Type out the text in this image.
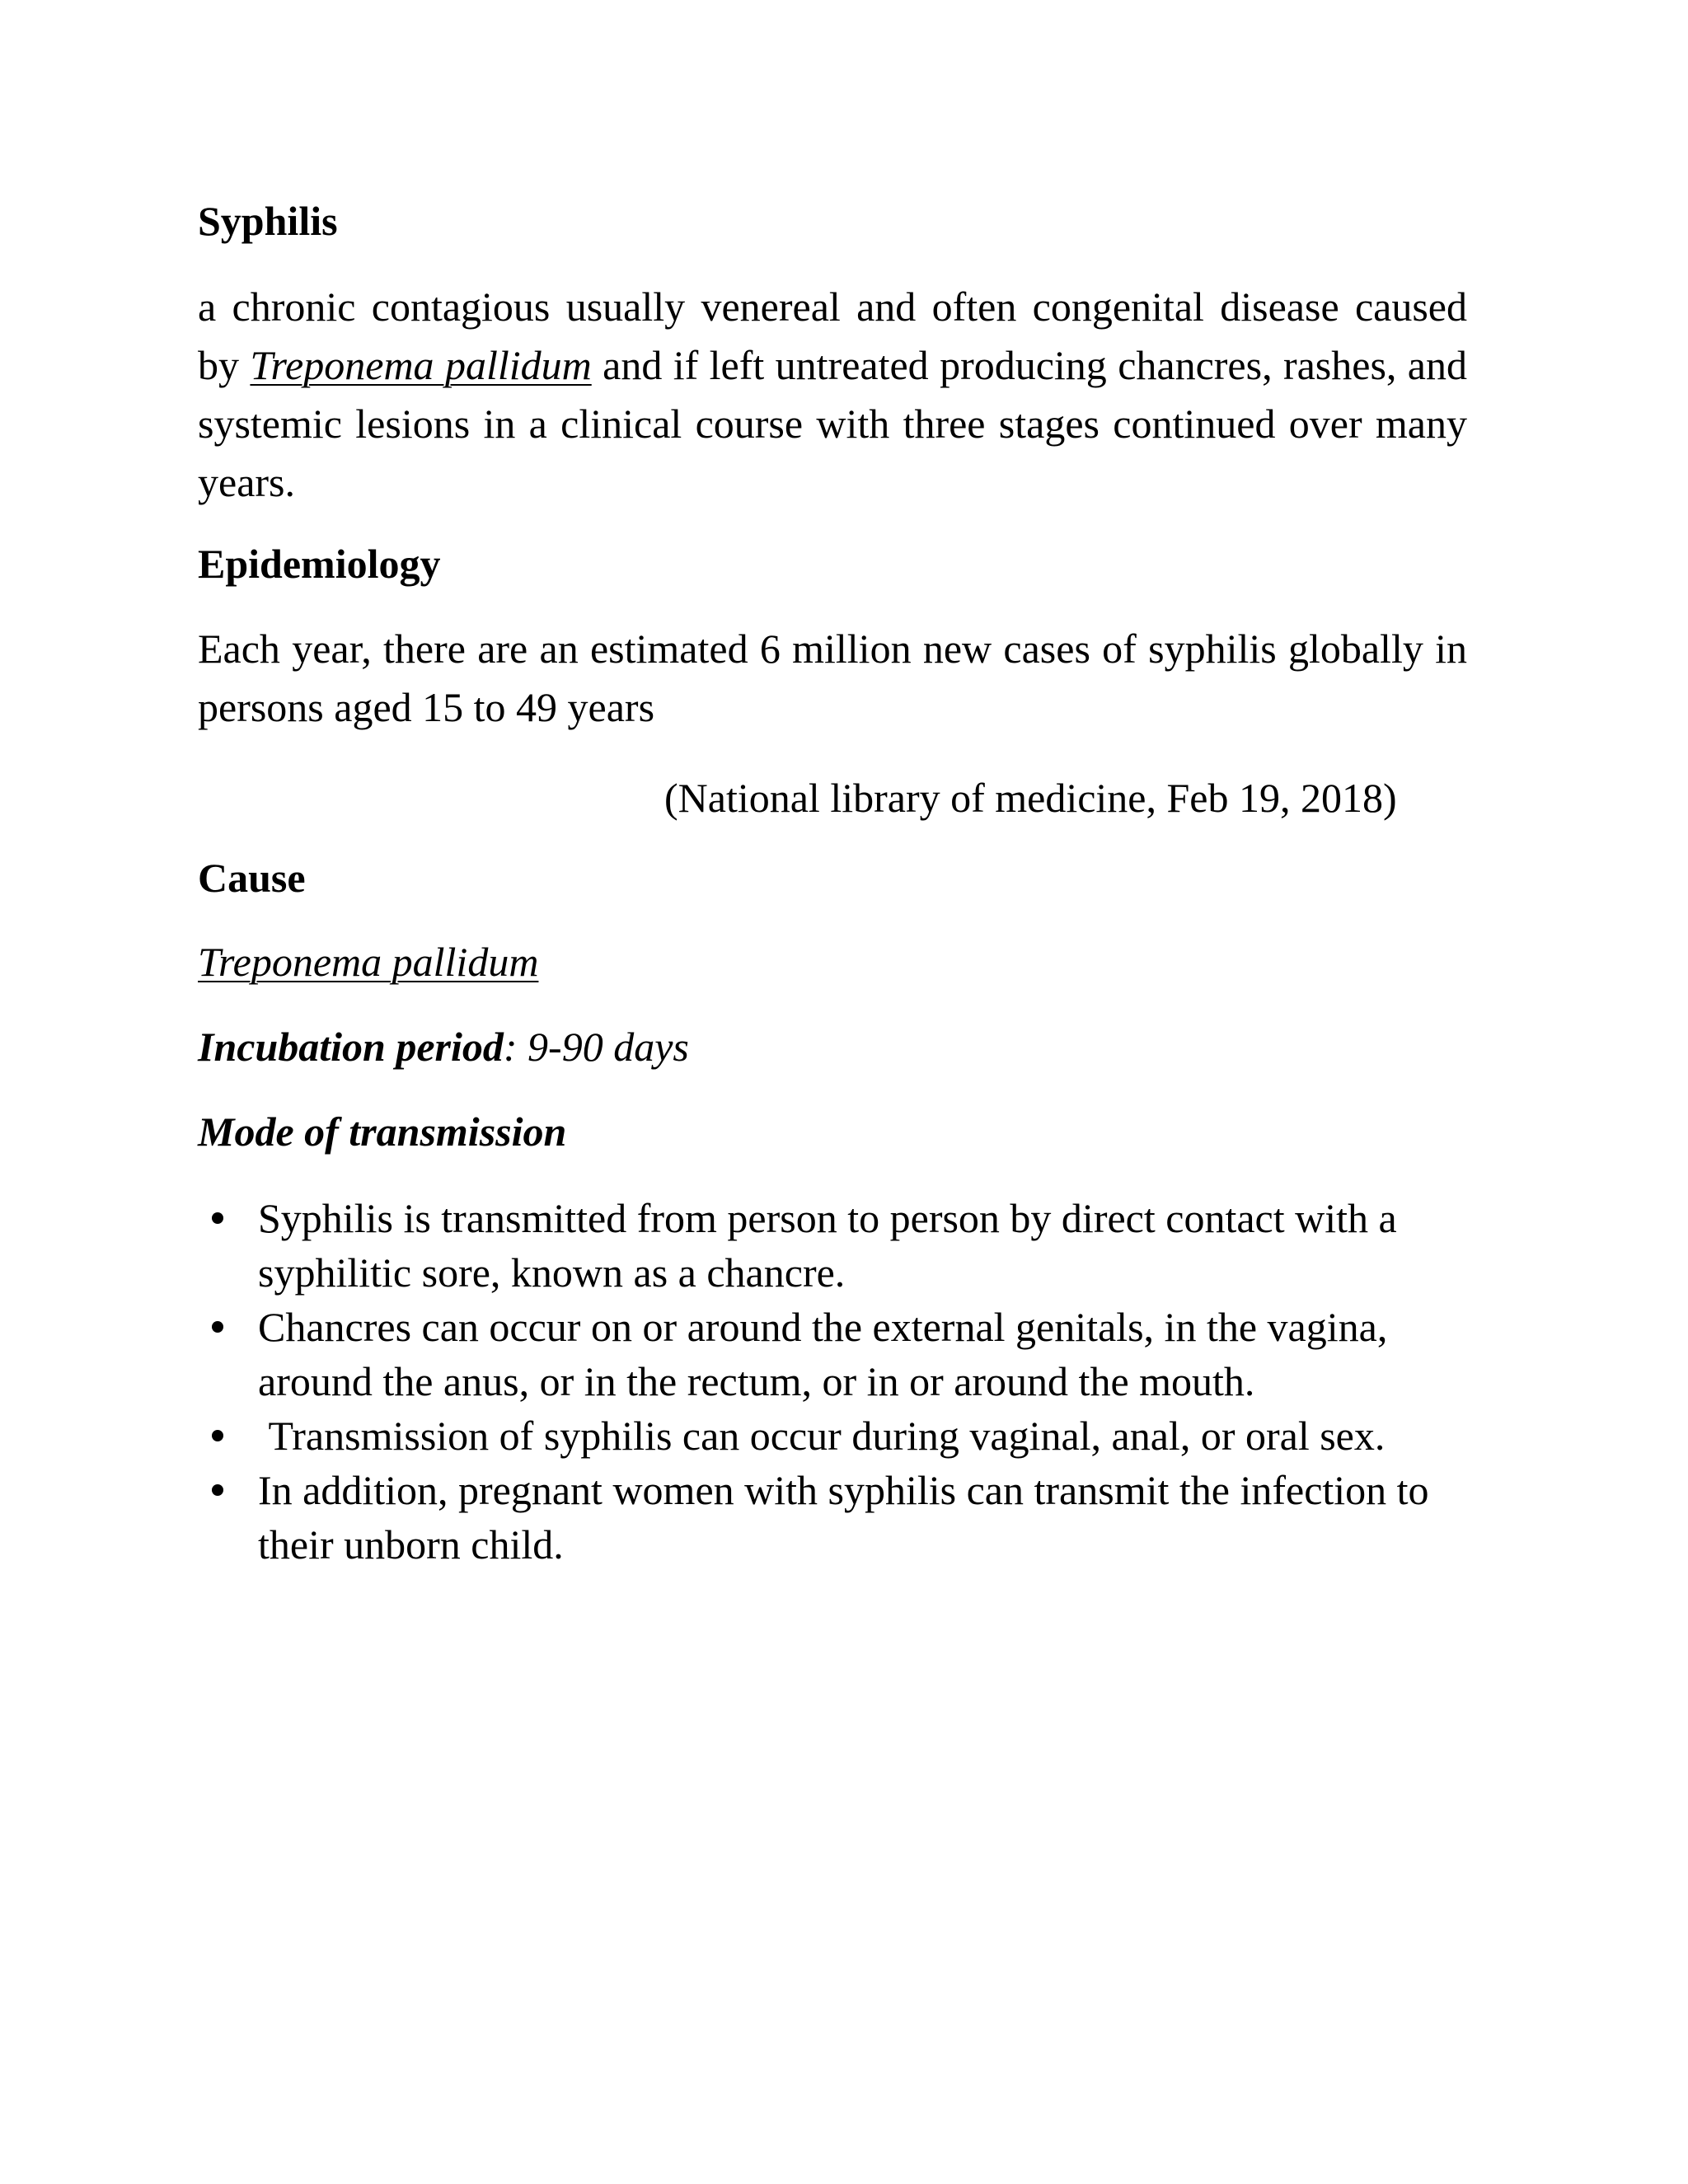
Syphilis

a chronic contagious usually venereal and often congenital disease caused by Treponema pallidum and if left untreated producing chancres, rashes, and systemic lesions in a clinical course with three stages continued over many years.

Epidemiology

Each year, there are an estimated 6 million new cases of syphilis globally in persons aged 15 to 49 years

(National library of medicine, Feb 19, 2018)

Cause

Treponema pallidum

Incubation period: 9-90 days

Mode of transmission
Syphilis is transmitted from person to person by direct contact with a syphilitic sore, known as a chancre.
Chancres can occur on or around the external genitals, in the vagina, around the anus, or in the rectum, or in or around the mouth.
Transmission of syphilis can occur during vaginal, anal, or oral sex.
In addition, pregnant women with syphilis can transmit the infection to their unborn child.
